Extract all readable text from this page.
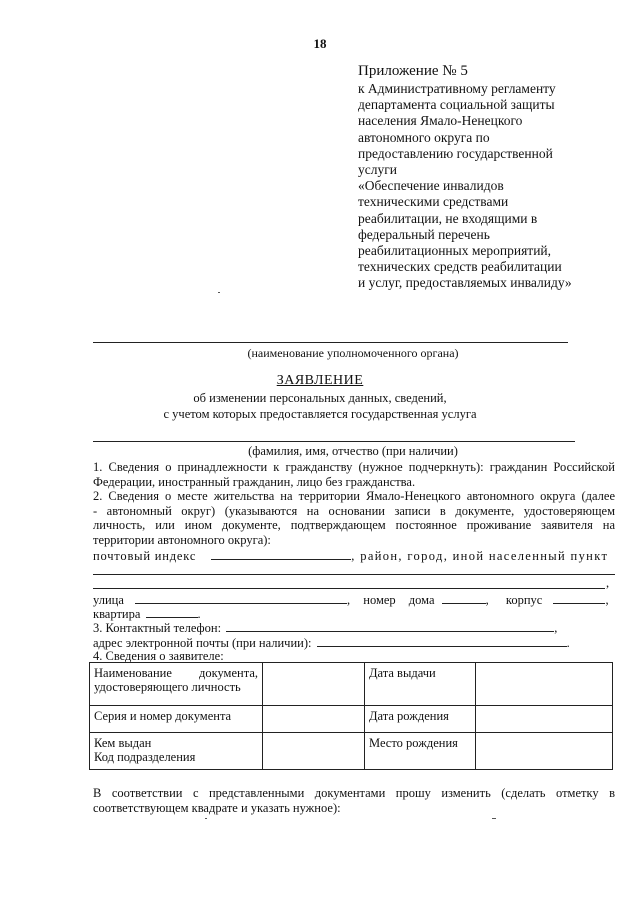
18
Приложение № 5
к Административному регламенту
департамента социальной защиты
населения Ямало-Ненецкого
автономного округа по
предоставлению государственной
услуги
«Обеспечение инвалидов
техническими средствами
реабилитации, не входящими в
федеральный перечень
реабилитационных мероприятий,
технических средств реабилитации
и услуг, предоставляемых инвалиду»
(наименование уполномоченного органа)
ЗАЯВЛЕНИЕ
об изменении персональных данных, сведений,
с учетом которых предоставляется государственная услуга
(фамилия, имя, отчество (при наличии)
1. Сведения о принадлежности к гражданству (нужное подчеркнуть): гражданин Российской
Федерации, иностранный гражданин, лицо без гражданства.
2. Сведения о месте жительства на территории Ямало-Ненецкого автономного округа (далее
- автономный округ) (указываются на основании записи в документе, удостоверяющем
личность, или ином документе, подтверждающем постоянное проживание заявителя на
территории автономного округа):
почтовый индекс	, район, город, иной населенный пункт
,
улица	, номер дома	, корпус	,
квартира	.
3. Контактный телефон:	,
адрес электронной почты (при наличии):	.
4. Сведения о заявителе:
Наименование документа, удостоверяющего личность		Дата выдачи	
Серия и номер документа		Дата рождения	

Кем выдан
Код подразделения		Место рождения	
В соответствии с представленными документами прошу изменить (сделать отметку в
соответствующем квадрате и указать нужное):
